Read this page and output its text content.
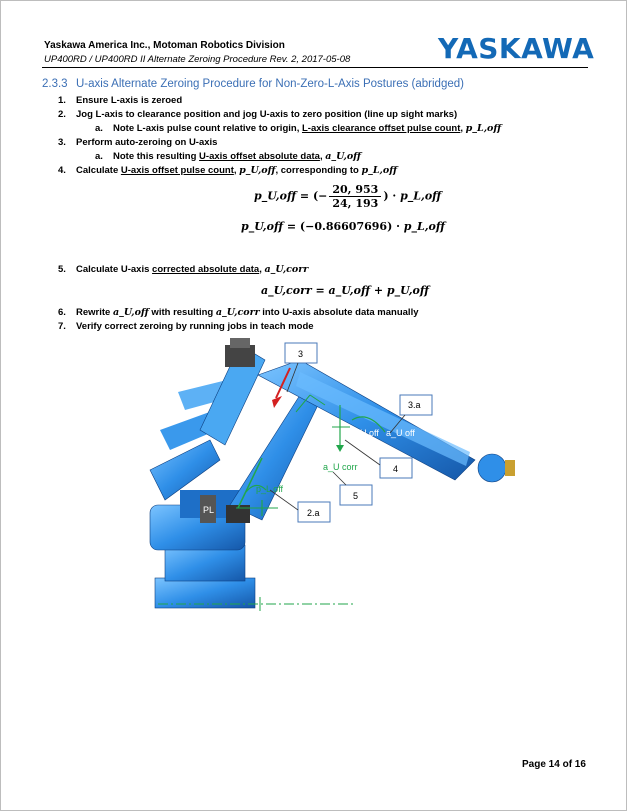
Yaskawa America Inc., Motoman Robotics Division
UP400RD / UP400RD II Alternate Zeroing Procedure Rev. 2, 2017-05-08	YASKAWA
2.3.3 U-axis Alternate Zeroing Procedure for Non-Zero-L-Axis Postures (abridged)
1. Ensure L-axis is zeroed
2. Jog L-axis to clearance position and jog U-axis to zero position (line up sight marks)
a. Note L-axis pulse count relative to origin, L-axis clearance offset pulse count, p_L,off
3. Perform auto-zeroing on U-axis
a. Note this resulting U-axis offset absolute data, a_U,off
4. Calculate U-axis offset pulse count, p_U,off, corresponding to p_L,off
p_U,off = (− $\frac{20, 953}{24, 193}$ ) · p_L,off
p_U,off = (−0.86607696) · p_L,off
5. Calculate U-axis corrected absolute data, a_U,corr
a_U,corr = a_U,off + p_U,off
6. Rewrite a_U,off with resulting a_U,corr into U-axis absolute data manually
7. Verify correct zeroing by running jobs in teach mode
p_L off
p_U off a_U off
a_U corr
PL
3
3.a
4
5
2.a
Page 14 of 16
